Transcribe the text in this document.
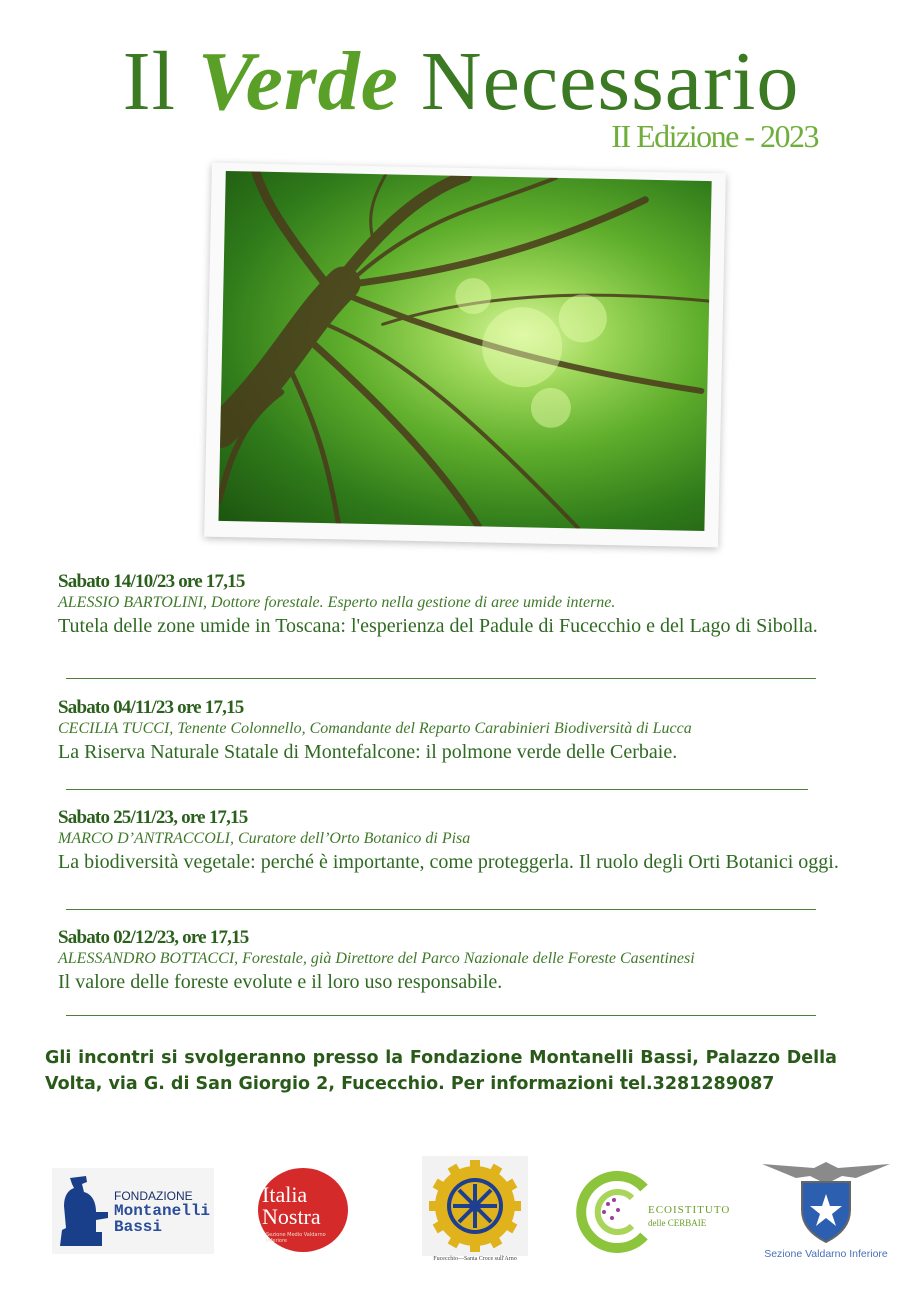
Il Verde Necessario
II Edizione - 2023
Sabato 14/10/23 ore 17,15
ALESSIO BARTOLINI, Dottore forestale. Esperto nella gestione di aree umide interne.
Tutela delle zone umide in Toscana: l'esperienza del Padule di Fucecchio e del Lago di Sibolla.
Sabato 04/11/23 ore 17,15
CECILIA TUCCI, Tenente Colonnello, Comandante del Reparto Carabinieri Biodiversità di Lucca
La Riserva Naturale Statale di Montefalcone: il polmone verde delle Cerbaie.
Sabato 25/11/23, ore 17,15
MARCO D’ANTRACCOLI, Curatore dell’Orto Botanico di Pisa
La biodiversità vegetale: perché è importante, come proteggerla. Il ruolo degli Orti Botanici oggi.
Sabato 02/12/23, ore 17,15
ALESSANDRO BOTTACCI, Forestale, già Direttore del Parco Nazionale delle Foreste Casentinesi
Il valore delle foreste evolute e il loro uso responsabile.
Gli incontri si svolgeranno presso la Fondazione Montanelli Bassi, Palazzo Della Volta, via G. di San Giorgio 2, Fucecchio. Per informazioni tel.3281289087
FONDAZIONE
Montanelli
Bassi
Italia
Nostra
Sezione Medio Valdarno Inferiore
Fucecchio—Santa Croce sull'Arno
ECOISTITUTO
delle CERBAIE
Sezione Valdarno Inferiore
